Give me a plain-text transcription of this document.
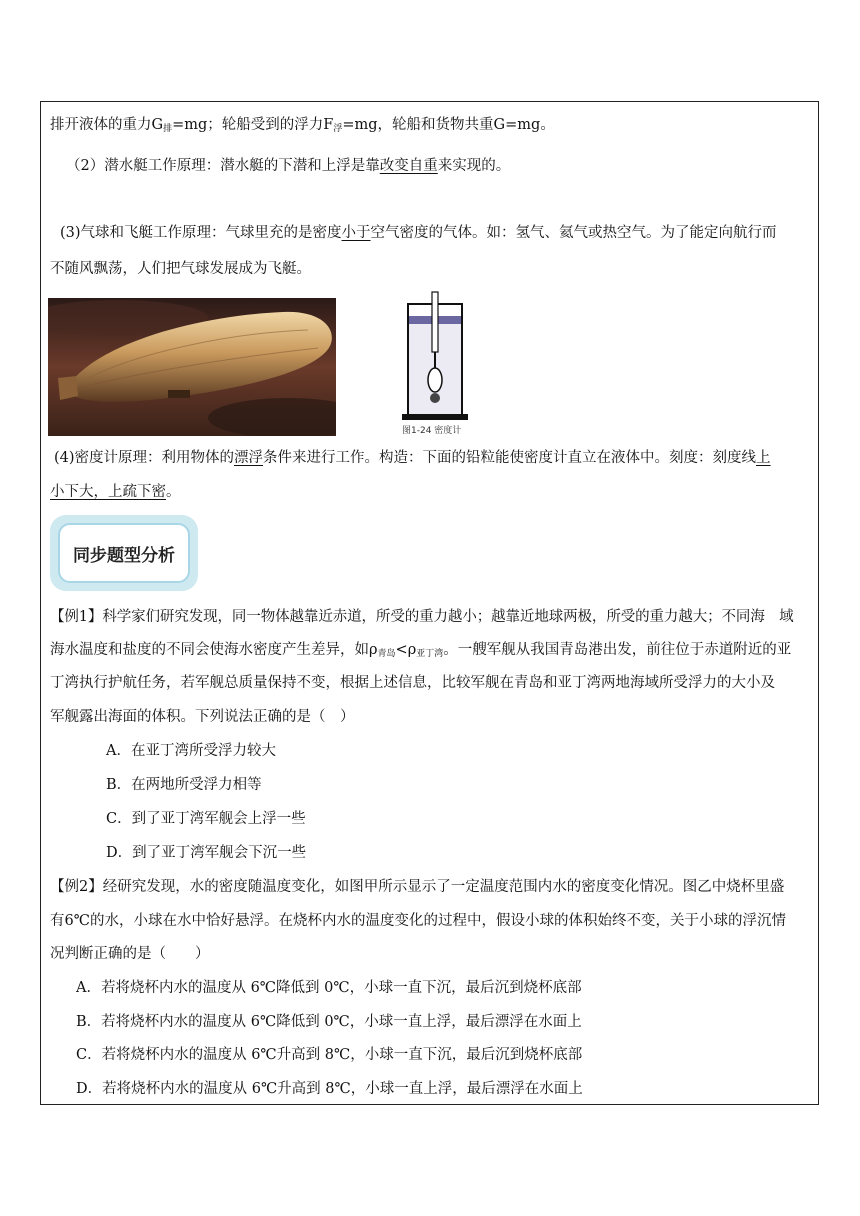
排开液体的重力$G_排=mg$；轮船受到的浮力$F_浮=mg$，轮船和货物共重G=mg。
（2）潜水艇工作原理：潜水艇的下潜和上浮是靠改变自重来实现的。
(3)气球和飞艇工作原理：气球里充的是密度小于空气密度的气体。如：氢气、氦气或热空气。为了能定向航行而
不随风飘荡，人们把气球发展成为飞艇。
图1-24 密度计
(4)密度计原理：利用物体的漂浮条件来进行工作。构造：下面的铅粒能使密度计直立在液体中。刻度：刻度线上
小下大，上疏下密。
同步题型分析
【例1】科学家们研究发现，同一物体越靠近赤道，所受的重力越小；越靠近地球两极，所受的重力越大；不同海　域
海水温度和盐度的不同会使海水密度产生差异，如$\rho_{青岛}<\rho_{亚丁湾}$。一艘军舰从我国青岛港出发，前往位于赤道附近的亚
丁湾执行护航任务，若军舰总质量保持不变，根据上述信息，比较军舰在青岛和亚丁湾两地海域所受浮力的大小及
军舰露出海面的体积。下列说法正确的是（　）
A．在亚丁湾所受浮力较大
B．在两地所受浮力相等
C．到了亚丁湾军舰会上浮一些
D．到了亚丁湾军舰会下沉一些
【例2】经研究发现，水的密度随温度变化，如图甲所示显示了一定温度范围内水的密度变化情况。图乙中烧杯里盛
有6℃的水，小球在水中恰好悬浮。在烧杯内水的温度变化的过程中，假设小球的体积始终不变，关于小球的浮沉情
况判断正确的是（　　）
A．若将烧杯内水的温度从 6℃降低到 0℃，小球一直下沉，最后沉到烧杯底部
B．若将烧杯内水的温度从 6℃降低到 0℃，小球一直上浮，最后漂浮在水面上
C．若将烧杯内水的温度从 6℃升高到 8℃，小球一直下沉，最后沉到烧杯底部
D．若将烧杯内水的温度从 6℃升高到 8℃，小球一直上浮，最后漂浮在水面上
